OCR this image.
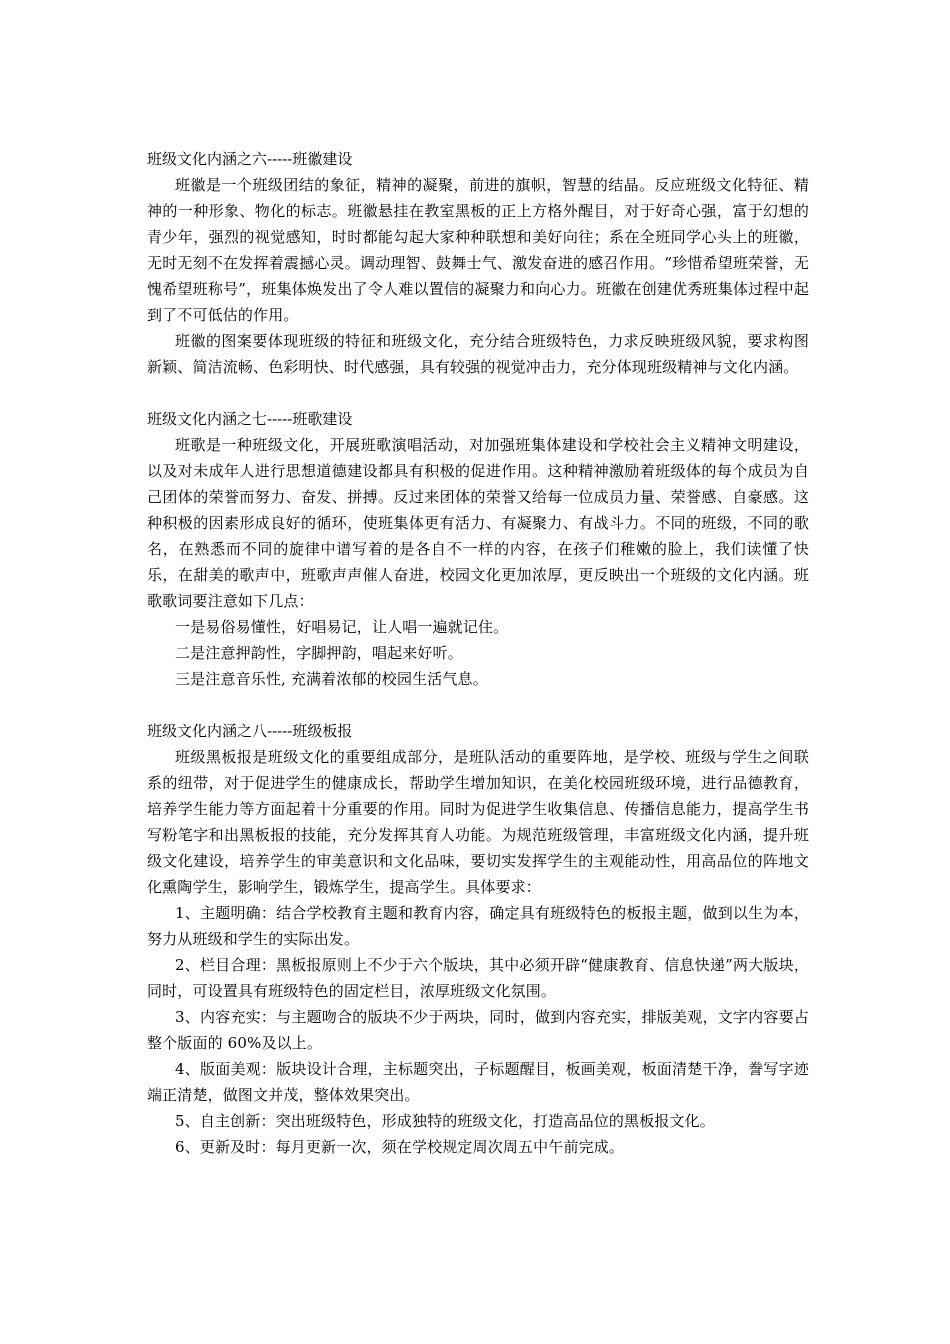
班级文化内涵之六-----班徽建设

班徽是一个班级团结的象征，精神的凝聚，前进的旗帜，智慧的结晶。反应班级文化特征、精神的一种形象、物化的标志。班徽悬挂在教室黑板的正上方格外醒目，对于好奇心强，富于幻想的青少年，强烈的视觉感知，时时都能勾起大家种种联想和美好向往；系在全班同学心头上的班徽，无时无刻不在发挥着震撼心灵。调动理智、鼓舞士气、激发奋进的感召作用。“珍惜希望班荣誉，无愧希望班称号”，班集体焕发出了令人难以置信的凝聚力和向心力。班徽在创建优秀班集体过程中起到了不可低估的作用。

班徽的图案要体现班级的特征和班级文化，充分结合班级特色，力求反映班级风貌，要求构图新颖、简洁流畅、色彩明快、时代感强，具有较强的视觉冲击力，充分体现班级精神与文化内涵。

班级文化内涵之七-----班歌建设

班歌是一种班级文化，开展班歌演唱活动，对加强班集体建设和学校社会主义精神文明建设，以及对未成年人进行思想道德建设都具有积极的促进作用。这种精神激励着班级体的每个成员为自己团体的荣誉而努力、奋发、拼搏。反过来团体的荣誉又给每一位成员力量、荣誉感、自豪感。这种积极的因素形成良好的循环，使班集体更有活力、有凝聚力、有战斗力。不同的班级，不同的歌名，在熟悉而不同的旋律中谱写着的是各自不一样的内容，在孩子们稚嫩的脸上，我们读懂了快乐，在甜美的歌声中，班歌声声催人奋进，校园文化更加浓厚，更反映出一个班级的文化内涵。班歌歌词要注意如下几点：

一是易俗易懂性，好唱易记，让人唱一遍就记住。

二是注意押韵性，字脚押韵，唱起来好听。

三是注意音乐性, 充满着浓郁的校园生活气息。

班级文化内涵之八-----班级板报

班级黑板报是班级文化的重要组成部分，是班队活动的重要阵地，是学校、班级与学生之间联系的纽带，对于促进学生的健康成长，帮助学生增加知识，在美化校园班级环境，进行品德教育，培养学生能力等方面起着十分重要的作用。同时为促进学生收集信息、传播信息能力，提高学生书写粉笔字和出黑板报的技能，充分发挥其育人功能。为规范班级管理，丰富班级文化内涵，提升班级文化建设，培养学生的审美意识和文化品味，要切实发挥学生的主观能动性，用高品位的阵地文化熏陶学生，影响学生，锻炼学生，提高学生。具体要求：

1、主题明确：结合学校教育主题和教育内容，确定具有班级特色的板报主题，做到以生为本，努力从班级和学生的实际出发。

2、栏目合理：黑板报原则上不少于六个版块，其中必须开辟“健康教育、信息快递”两大版块，同时，可设置具有班级特色的固定栏目，浓厚班级文化氛围。

3、内容充实：与主题吻合的版块不少于两块，同时，做到内容充实，排版美观，文字内容要占整个版面的 60%及以上。

4、版面美观：版块设计合理，主标题突出，子标题醒目，板画美观，板面清楚干净，誊写字迹端正清楚，做图文并茂，整体效果突出。

5、自主创新：突出班级特色，形成独特的班级文化，打造高品位的黑板报文化。

6、更新及时：每月更新一次，须在学校规定周次周五中午前完成。
